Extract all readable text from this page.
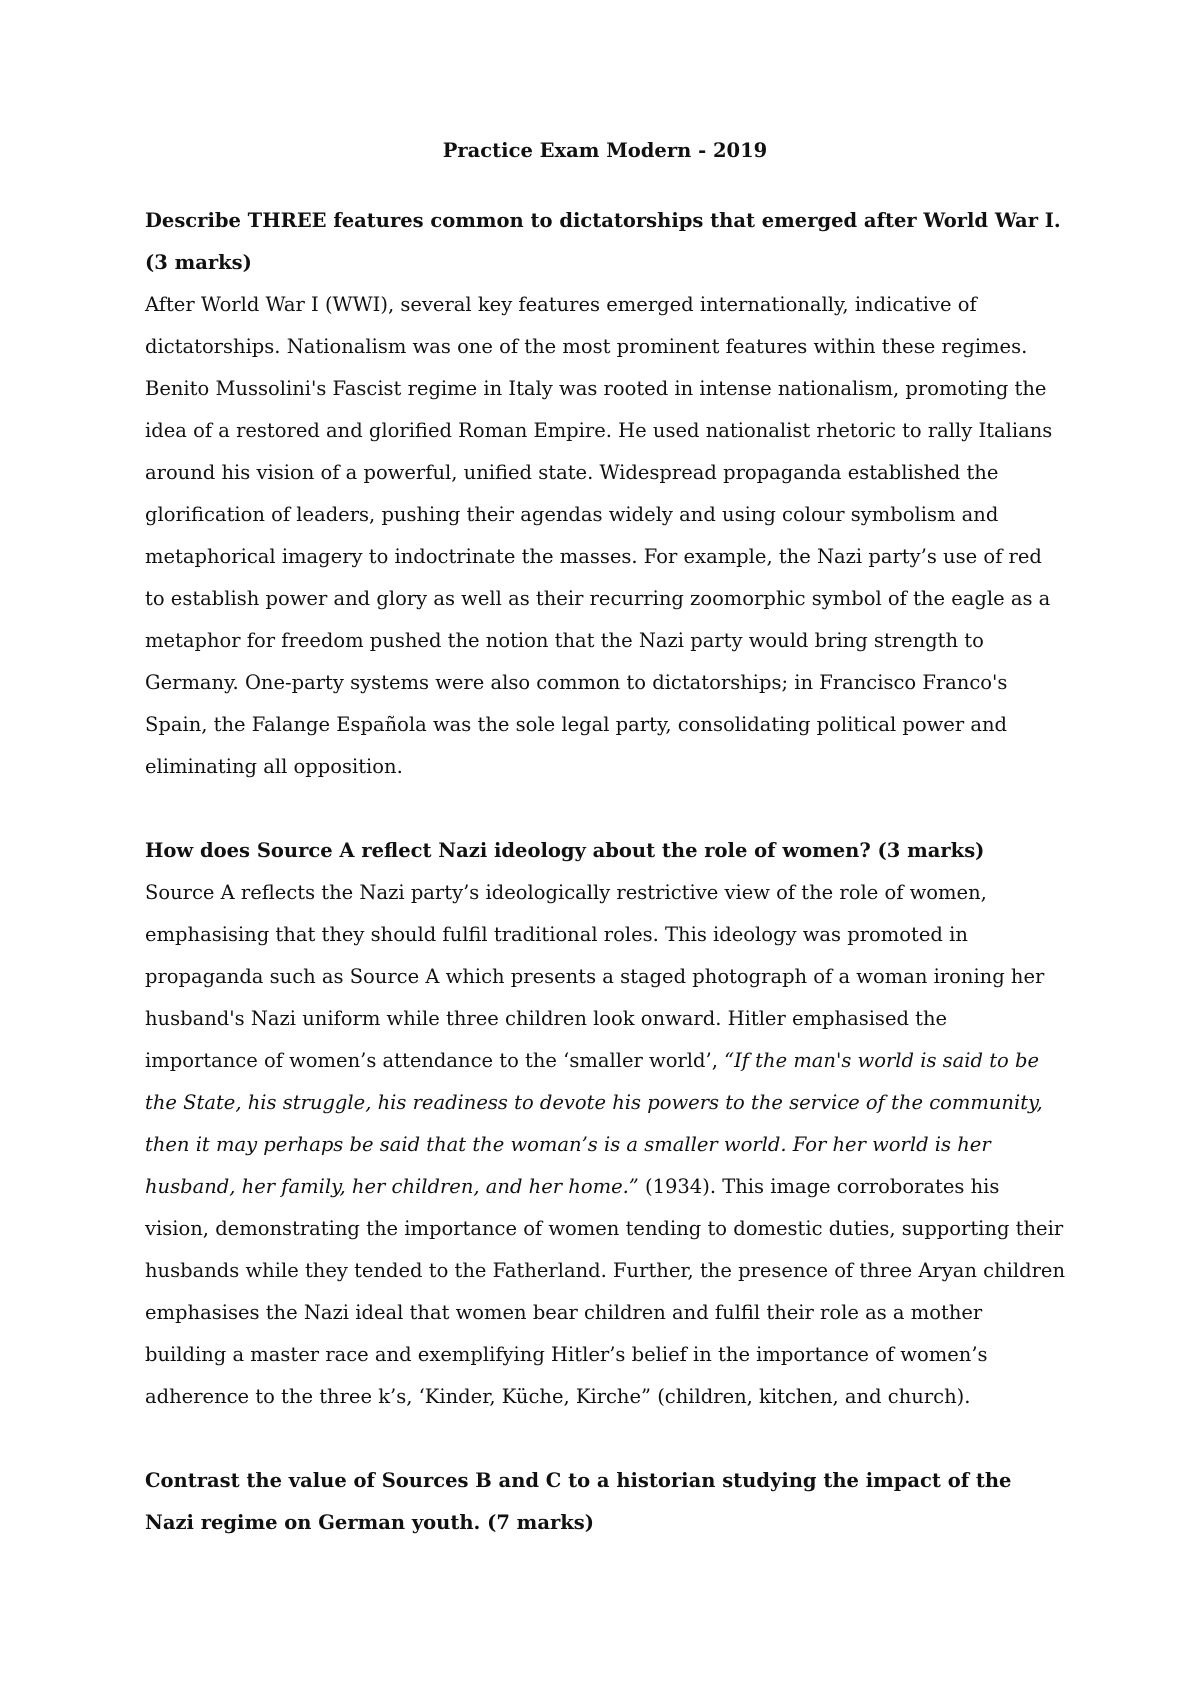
Practice Exam Modern - 2019

Describe THREE features common to dictatorships that emerged after World War I. (3 marks)

After World War I (WWI), several key features emerged internationally, indicative of dictatorships. Nationalism was one of the most prominent features within these regimes. Benito Mussolini's Fascist regime in Italy was rooted in intense nationalism, promoting the idea of a restored and glorified Roman Empire. He used nationalist rhetoric to rally Italians around his vision of a powerful, unified state. Widespread propaganda established the glorification of leaders, pushing their agendas widely and using colour symbolism and metaphorical imagery to indoctrinate the masses. For example, the Nazi party’s use of red to establish power and glory as well as their recurring zoomorphic symbol of the eagle as a metaphor for freedom pushed the notion that the Nazi party would bring strength to Germany. One-party systems were also common to dictatorships; in Francisco Franco's Spain, the Falange Española was the sole legal party, consolidating political power and eliminating all opposition.

How does Source A reflect Nazi ideology about the role of women? (3 marks)

Source A reflects the Nazi party’s ideologically restrictive view of the role of women, emphasising that they should fulfil traditional roles. This ideology was promoted in propaganda such as Source A which presents a staged photograph of a woman ironing her husband's Nazi uniform while three children look onward. Hitler emphasised the importance of women’s attendance to the ‘smaller world’, “If the man's world is said to be the State, his struggle, his readiness to devote his powers to the service of the community, then it may perhaps be said that the woman’s is a smaller world. For her world is her husband, her family, her children, and her home.” (1934). This image corroborates his vision, demonstrating the importance of women tending to domestic duties, supporting their husbands while they tended to the Fatherland. Further, the presence of three Aryan children emphasises the Nazi ideal that women bear children and fulfil their role as a mother building a master race and exemplifying Hitler’s belief in the importance of women’s adherence to the three k’s, ‘Kinder, Küche, Kirche” (children, kitchen, and church).

Contrast the value of Sources B and C to a historian studying the impact of the Nazi regime on German youth. (7 marks)
